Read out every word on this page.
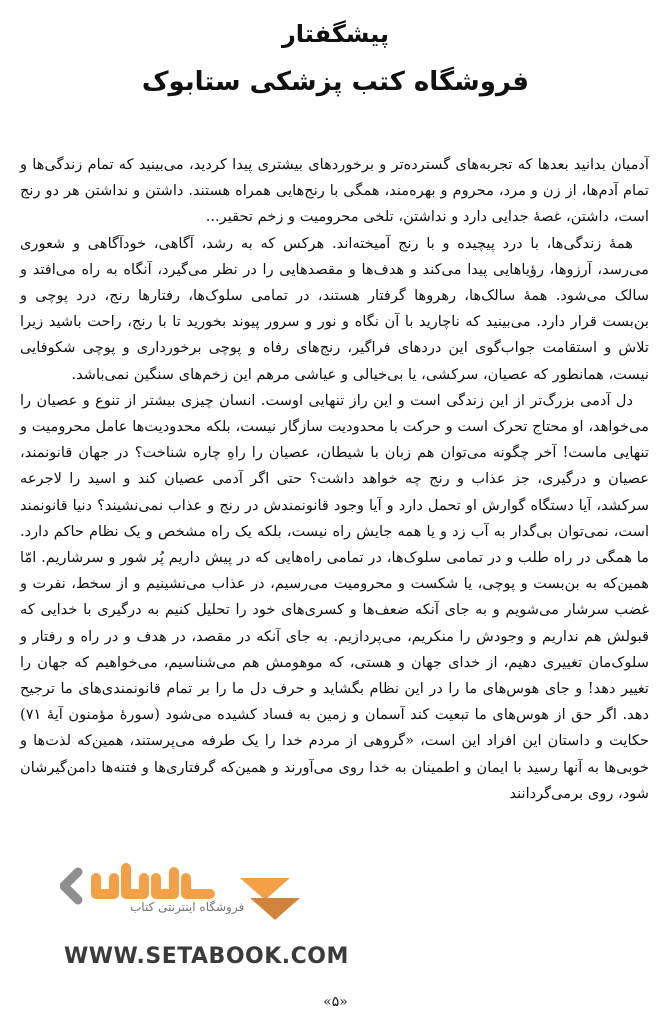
پیشگفتار
فروشگاه کتب پزشکی ستابوک

آدمیان بدانید بعدها که تجربه‌های گسترده‌تر و برخوردهای بیشتری پیدا کردید، می‌بینید که تمام زندگی‌ها و تمام آدم‌ها، از زن و مرد، محروم و بهره‌مند، همگی با رنج‌هایی همراه هستند. داشتن و نداشتن هر دو رنج است، داشتن، غصهٔ جدایی دارد و نداشتن، تلخی محرومیت و زخم تحقیر...

همهٔ زندگی‌ها، با درد پیچیده و با رنج آمیخته‌اند. هرکس که به رشد، آگاهی، خودآگاهی و شعوری می‌رسد، آرزوها، رؤیاهایی پیدا می‌کند و هدف‌ها و مقصدهایی را در نظر می‌گیرد، آنگاه به راه می‌افتد و سالک می‌شود. همهٔ سالک‌ها، رهروها گرفتار هستند، در تمامی سلوک‌ها، رفتارها رنج، درد پوچی و بن‌بست قرار دارد. می‌بینید که ناچارید با آن نگاه و نور و سرور پیوند بخورید تا با رنج، راحت باشید زیرا تلاش و استقامت جواب‌گوی این دردهای فراگیر، رنج‌های رفاه و پوچی برخورداری و پوچی شکوفایی نیست، همانطور که عصیان، سرکشی، یا بی‌خیالی و عیاشی مرهم این زخم‌های سنگین نمی‌باشد.

دل آدمی بزرگ‌تر از این زندگی است و این راز تنهایی اوست. انسان چیزی بیشتر از تنوع و عصیان را می‌خواهد، او محتاج تحرک است و حرکت با محدودیت سازگار نیست، بلکه محدودیت‌ها عامل محرومیت و تنهایی ماست! آخر چگونه می‌توان هم زبان با شیطان، عصیان را راهِ چاره شناخت؟ در جهان قانونمند، عصیان و درگیری، جز عذاب و رنج چه خواهد داشت؟ حتی اگر آدمی عصیان کند و اسید را لاجرعه سرکشد، آیا دستگاه گوارش او تحمل دارد و آیا وجود قانونمندش در رنج و عذاب نمی‌نشیند؟ دنیا قانونمند است، نمی‌توان بی‌گدار به آب زد و یا همه جایش راه نیست، بلکه یک راه مشخص و یک نظام حاکم دارد. ما همگی در راه طلب و در تمامی سلوک‌ها، در تمامی راه‌هایی که در پیش داریم پُر شور و سرشاریم. امّا همین‌که به بن‌بست و پوچی، یا شکست و محرومیت می‌رسیم، در عذاب می‌نشینیم و از سخط، نفرت و غضب سرشار می‌شویم و به جای آنکه ضعف‌ها و کسری‌های خود را تحلیل کنیم به درگیری با خدایی که قبولش هم نداریم و وجودش را منکریم، می‌پردازیم. به جای آنکه در مقصد، در هدف و در راه و رفتار و سلوک‌مان تغییری دهیم، از خدای جهان و هستی، که موهومش هم می‌شناسیم، می‌خواهیم که جهان را تغییر دهد! و جای هوس‌های ما را در این نظام بگشاید و حرف دل ما را بر تمام قانونمندی‌های ما ترجیح دهد. اگر حق از هوس‌های ما تبعیت کند آسمان و زمین به فساد کشیده می‌شود (سورهٔ مؤمنون آیهٔ ۷۱) حکایت و داستان این افراد این است، «گروهی از مردم خدا را یک طرفه می‌پرستند، همین‌که لذت‌ها و خوبی‌ها به آنها رسید با ایمان و اطمینان به خدا روی می‌آورند و همین‌که گرفتاری‌ها و فتنه‌ها دامن‌گیرشان شود، روی برمی‌گردانند

فروشگاه اینترنتی کتاب
WWW.SETABOOK.COM
«۵»
